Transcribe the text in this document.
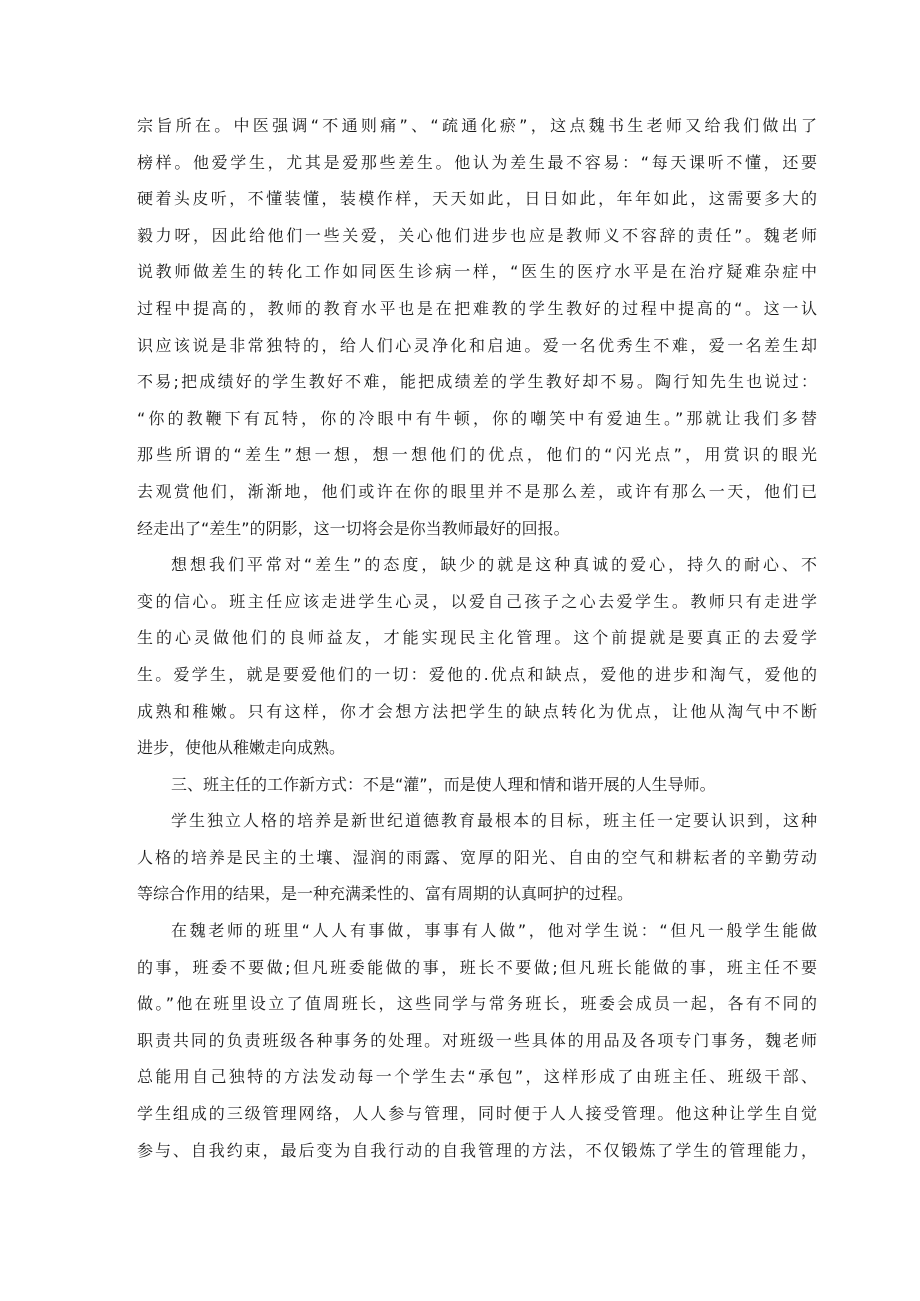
宗旨所在。中医强调“不通则痛”、“疏通化瘀”，这点魏书生老师又给我们做出了
榜样。他爱学生，尤其是爱那些差生。他认为差生最不容易：“每天课听不懂，还要
硬着头皮听，不懂装懂，装模作样，天天如此，日日如此，年年如此，这需要多大的
毅力呀，因此给他们一些关爱，关心他们进步也应是教师义不容辞的责任”。魏老师
说教师做差生的转化工作如同医生诊病一样，“医生的医疗水平是在治疗疑难杂症中
过程中提高的，教师的教育水平也是在把难教的学生教好的过程中提高的“。这一认
识应该说是非常独特的，给人们心灵净化和启迪。爱一名优秀生不难，爱一名差生却
不易;把成绩好的学生教好不难，能把成绩差的学生教好却不易。陶行知先生也说过：
“你的教鞭下有瓦特，你的冷眼中有牛顿，你的嘲笑中有爱迪生。”那就让我们多替
那些所谓的“差生”想一想，想一想他们的优点，他们的“闪光点”，用赏识的眼光
去观赏他们，渐渐地，他们或许在你的眼里并不是那么差，或许有那么一天，他们已
经走出了“差生”的阴影，这一切将会是你当教师最好的回报。
想想我们平常对“差生”的态度，缺少的就是这种真诚的爱心，持久的耐心、不
变的信心。班主任应该走进学生心灵，以爱自己孩子之心去爱学生。教师只有走进学
生的心灵做他们的良师益友，才能实现民主化管理。这个前提就是要真正的去爱学
生。爱学生，就是要爱他们的一切：爱他的.优点和缺点，爱他的进步和淘气，爱他的
成熟和稚嫩。只有这样，你才会想方法把学生的缺点转化为优点，让他从淘气中不断
进步，使他从稚嫩走向成熟。
三、班主任的工作新方式：不是“灌”，而是使人理和情和谐开展的人生导师。
学生独立人格的培养是新世纪道德教育最根本的目标，班主任一定要认识到，这种
人格的培养是民主的土壤、湿润的雨露、宽厚的阳光、自由的空气和耕耘者的辛勤劳动
等综合作用的结果，是一种充满柔性的、富有周期的认真呵护的过程。
在魏老师的班里“人人有事做，事事有人做”，他对学生说：“但凡一般学生能做
的事，班委不要做;但凡班委能做的事，班长不要做;但凡班长能做的事，班主任不要
做。”他在班里设立了值周班长，这些同学与常务班长，班委会成员一起，各有不同的
职责共同的负责班级各种事务的处理。对班级一些具体的用品及各项专门事务，魏老师
总能用自己独特的方法发动每一个学生去“承包”，这样形成了由班主任、班级干部、
学生组成的三级管理网络，人人参与管理，同时便于人人接受管理。他这种让学生自觉
参与、自我约束，最后变为自我行动的自我管理的方法，不仅锻炼了学生的管理能力，
